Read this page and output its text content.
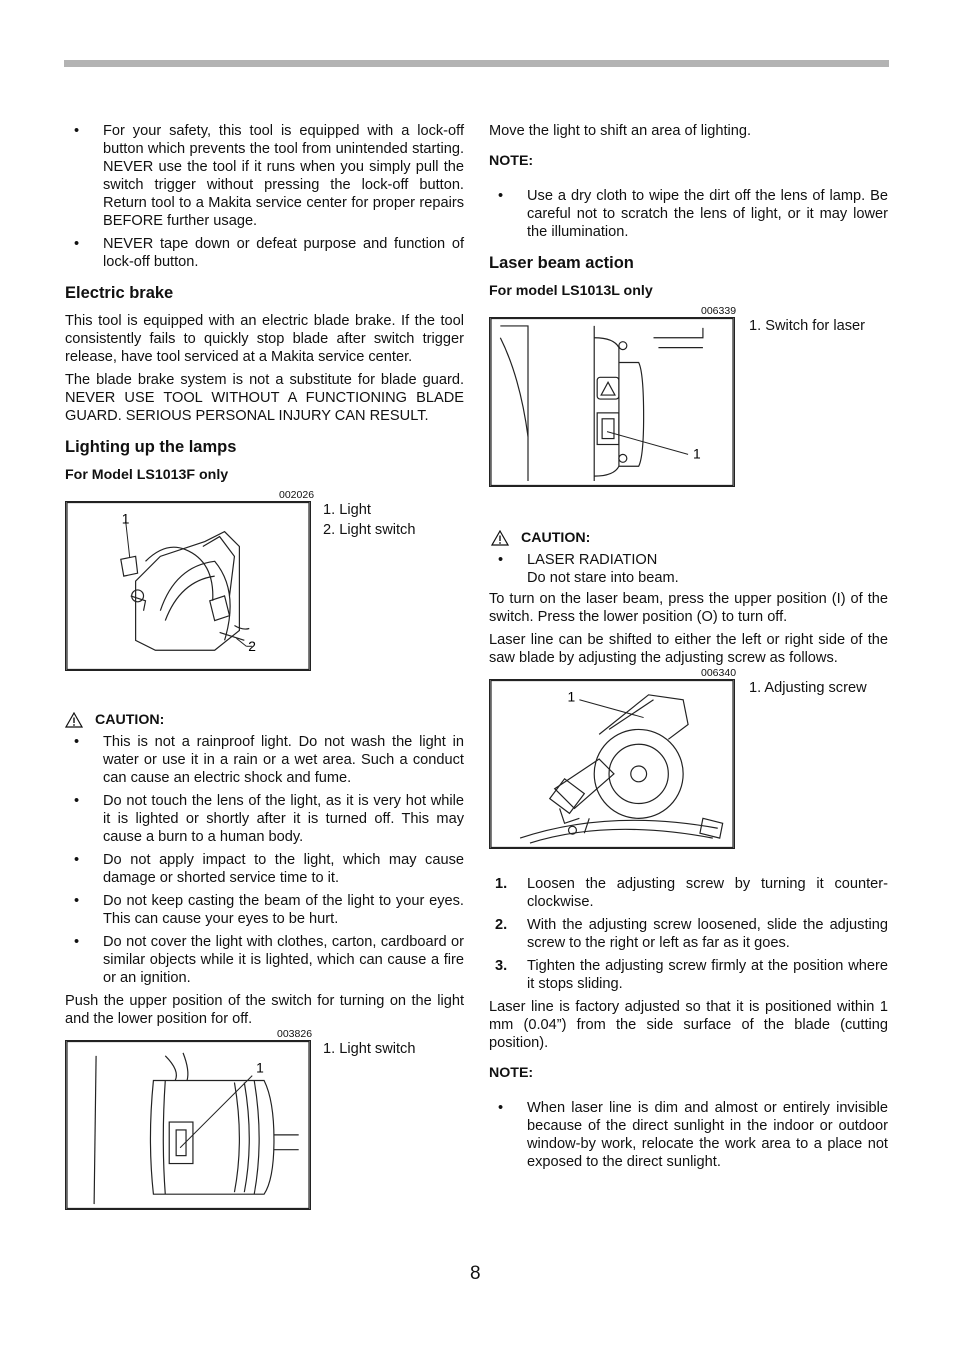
• For your safety, this tool is equipped with a lock-off button which prevents the tool from unintended starting. NEVER use the tool if it runs when you simply pull the switch trigger without pressing the lock-off button. Return tool to a Makita service center for proper repairs BEFORE further usage.
• NEVER tape down or defeat purpose and function of lock-off button.
Electric brake

This tool is equipped with an electric blade brake. If the tool consistently fails to quickly stop blade after switch trigger release, have tool serviced at a Makita service center.

The blade brake system is not a substitute for blade guard. NEVER USE TOOL WITHOUT A FUNCTIONING BLADE GUARD. SERIOUS PERSONAL INJURY CAN RESULT.

Lighting up the lamps
For Model LS1013F only
002026
1
2
1. Light
2. Light switch
CAUTION:
• This is not a rainproof light. Do not wash the light in water or use it in a rain or a wet area. Such a conduct can cause an electric shock and fume.
• Do not touch the lens of the light, as it is very hot while it is lighted or shortly after it is turned off. This may cause a burn to a human body.
• Do not apply impact to the light, which may cause damage or shorted service time to it.
• Do not keep casting the beam of the light to your eyes. This can cause your eyes to be hurt.
• Do not cover the light with clothes, carton, cardboard or similar objects while it is lighted, which can cause a fire or an ignition.

Push the upper position of the switch for turning on the light and the lower position for off.

003826
1
1. Light switch

Move the light to shift an area of lighting.

NOTE:
• Use a dry cloth to wipe the dirt off the lens of lamp. Be careful not to scratch the lens of light, or it may lower the illumination.
Laser beam action
For model LS1013L only
006339
1
1. Switch for laser
CAUTION:
• LASER RADIATION
Do not stare into beam.

To turn on the laser beam, press the upper position (I) of the switch. Press the lower position (O) to turn off.

Laser line can be shifted to either the left or right side of the saw blade by adjusting the adjusting screw as follows.

006340
1
1. Adjusting screw
1. Loosen the adjusting screw by turning it counter-clockwise.
2. With the adjusting screw loosened, slide the adjusting screw to the right or left as far as it goes.
3. Tighten the adjusting screw firmly at the position where it stops sliding.

Laser line is factory adjusted so that it is positioned within 1 mm (0.04”) from the side surface of the blade (cutting position).

NOTE:
• When laser line is dim and almost or entirely invisible because of the direct sunlight in the indoor or outdoor window-by work, relocate the work area to a place not exposed to the direct sunlight.
8
